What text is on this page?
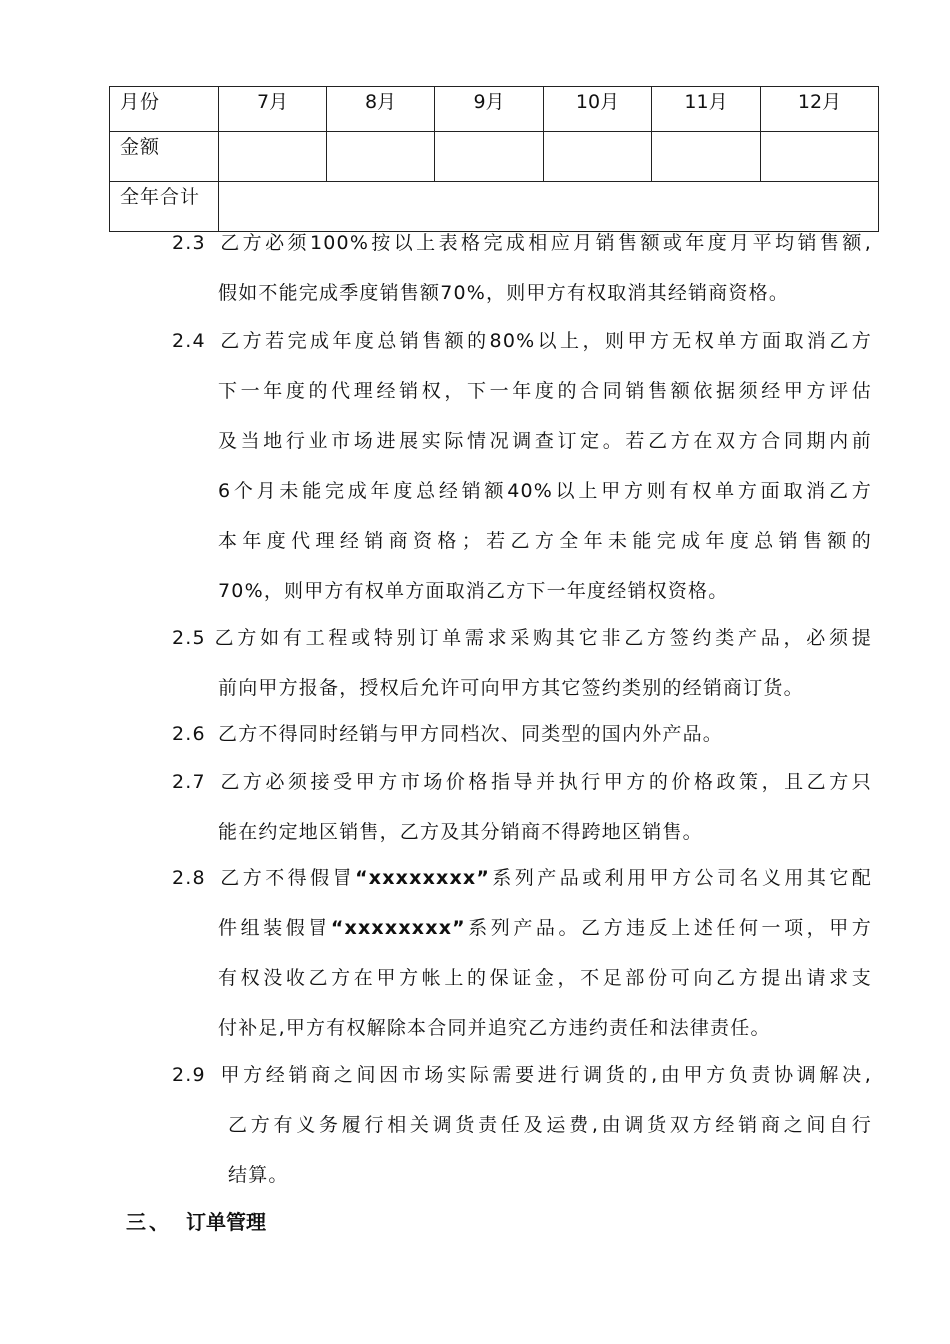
月份	7月	8月	9月	10月	11月	12月
金额						
全年合计						
2.3 乙方必须100%按以上表格完成相应月销售额或年度月平均销售额,
假如不能完成季度销售额70%，则甲方有权取消其经销商资格。
2.4 乙方若完成年度总销售额的80%以上，则甲方无权单方面取消乙方
下一年度的代理经销权，下一年度的合同销售额依据须经甲方评估
及当地行业市场进展实际情况调查订定。若乙方在双方合同期内前
6个月未能完成年度总经销额40%以上甲方则有权单方面取消乙方
本年度代理经销商资格；若乙方全年未能完成年度总销售额的
70%，则甲方有权单方面取消乙方下一年度经销权资格。
2.5 乙方如有工程或特别订单需求采购其它非乙方签约类产品，必须提
前向甲方报备，授权后允许可向甲方其它签约类别的经销商订货。
2.6 乙方不得同时经销与甲方同档次、同类型的国内外产品。
2.7 乙方必须接受甲方市场价格指导并执行甲方的价格政策，且乙方只
能在约定地区销售，乙方及其分销商不得跨地区销售。
2.8 乙方不得假冒“xxxxxxxx”系列产品或利用甲方公司名义用其它配
件组装假冒“xxxxxxxx”系列产品。乙方违反上述任何一项，甲方
有权没收乙方在甲方帐上的保证金，不足部份可向乙方提出请求支
付补足,甲方有权解除本合同并追究乙方违约责任和法律责任。
2.9 甲方经销商之间因市场实际需要进行调货的,由甲方负责协调解决,
乙方有义务履行相关调货责任及运费,由调货双方经销商之间自行
结算。
三、 订单管理
